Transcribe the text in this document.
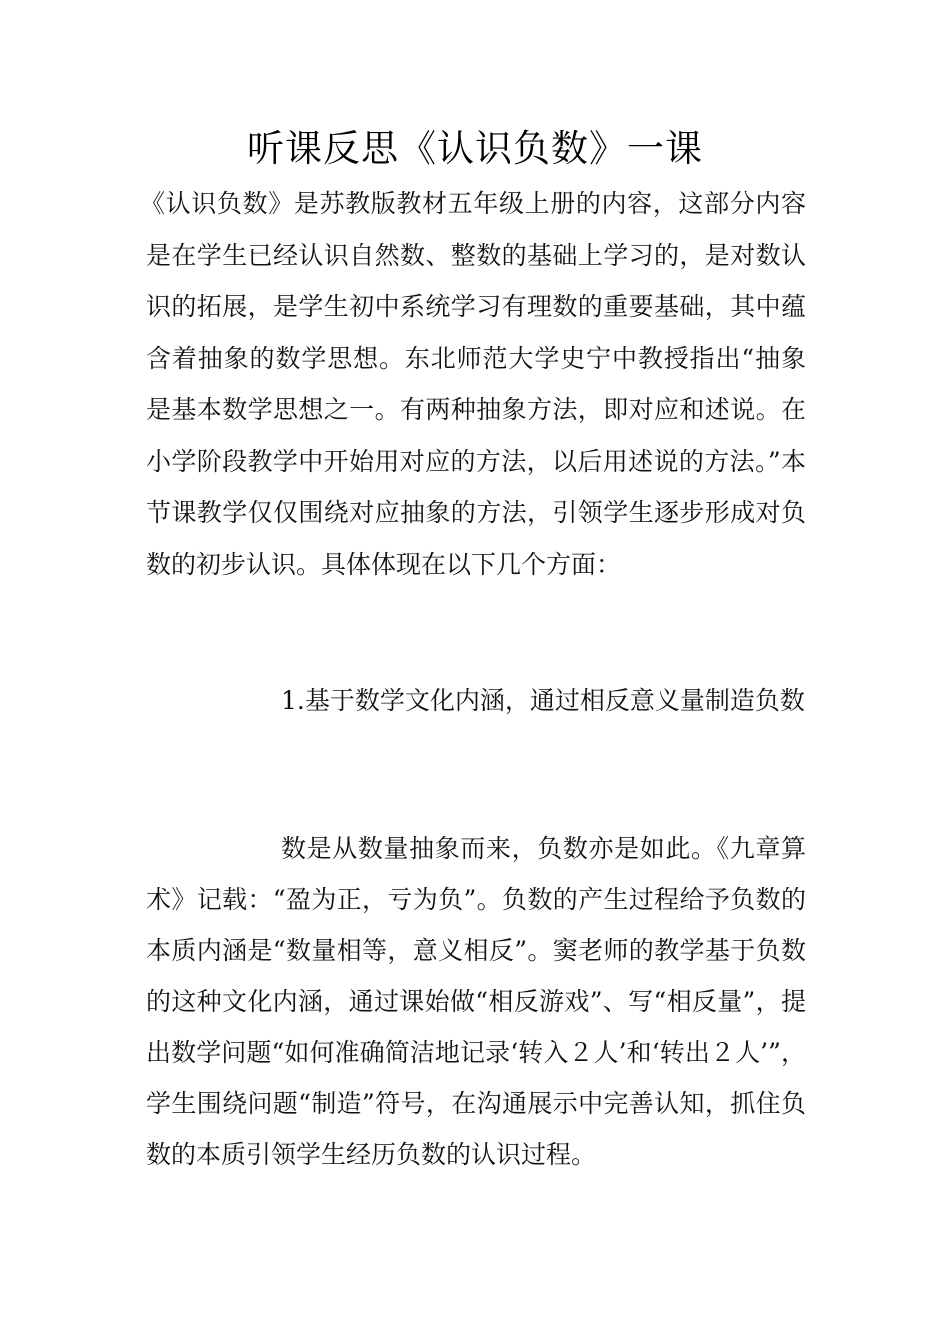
听课反思《认识负数》一课

《认识负数》是苏教版教材五年级上册的内容，这部分内容是在学生已经认识自然数、整数的基础上学习的，是对数认识的拓展，是学生初中系统学习有理数的重要基础，其中蕴含着抽象的数学思想。东北师范大学史宁中教授指出“抽象是基本数学思想之一。有两种抽象方法，即对应和述说。在小学阶段教学中开始用对应的方法，以后用述说的方法。”本节课教学仅仅围绕对应抽象的方法，引领学生逐步形成对负数的初步认识。具体体现在以下几个方面：

1.基于数学文化内涵，通过相反意义量制造负数

数是从数量抽象而来，负数亦是如此。《九章算术》记载：“盈为正，亏为负”。负数的产生过程给予负数的本质内涵是“数量相等，意义相反”。窦老师的教学基于负数的这种文化内涵，通过课始做“相反游戏”、写“相反量”，提出数学问题“如何准确简洁地记录‘转入２人’和‘转出２人’”，学生围绕问题“制造”符号，在沟通展示中完善认知，抓住负数的本质引领学生经历负数的认识过程。
